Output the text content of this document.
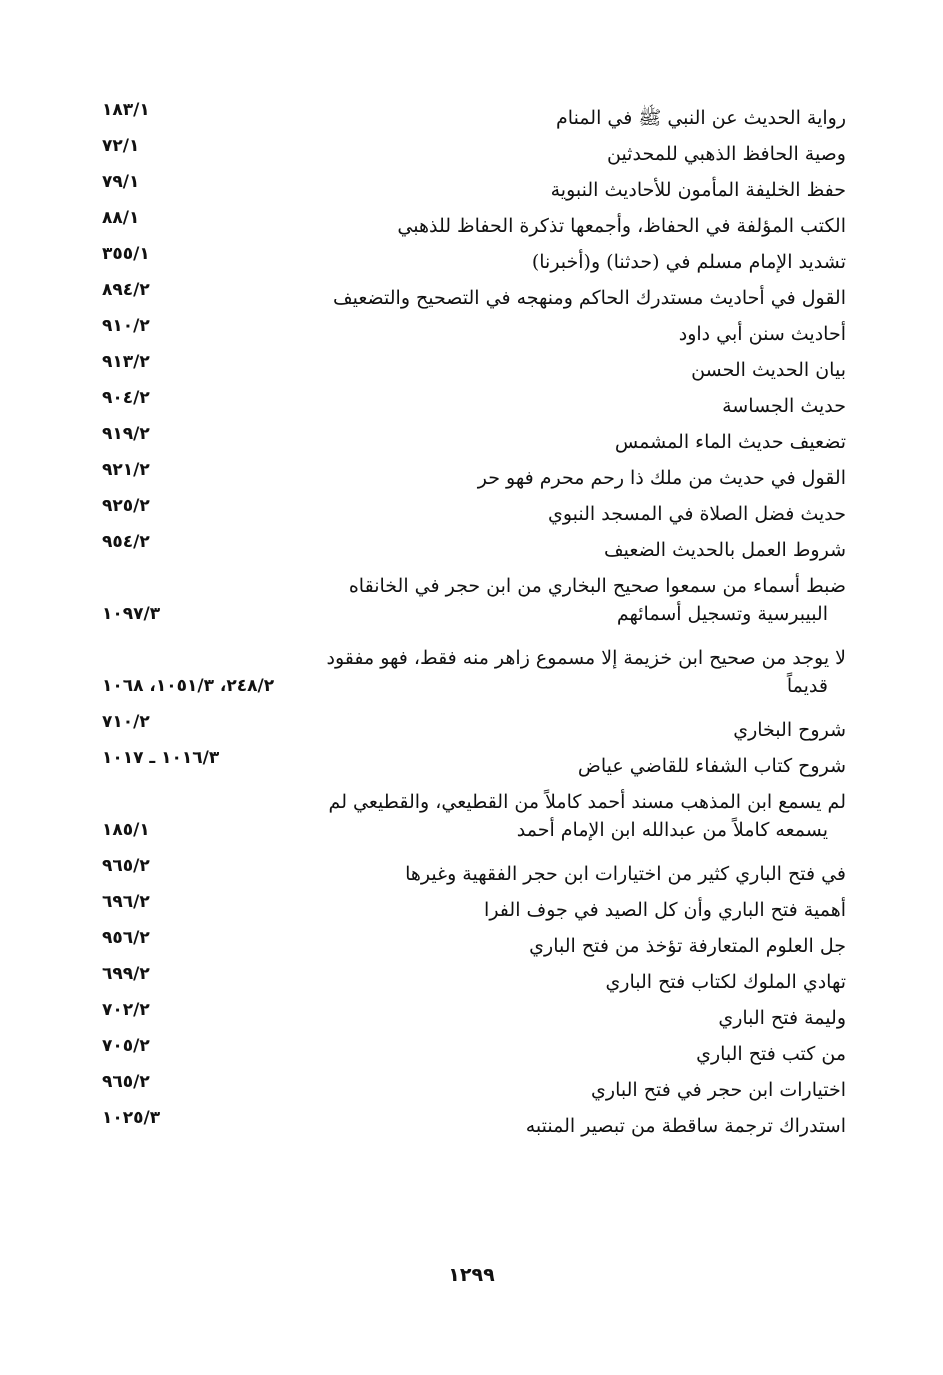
رواية الحديث عن النبي ﷺ في المنام
١٨٣/١
وصية الحافظ الذهبي للمحدثين
٧٢/١
حفظ الخليفة المأمون للأحاديث النبوية
٧٩/١
الكتب المؤلفة في الحفاظ، وأجمعها تذكرة الحفاظ للذهبي
٨٨/١
تشديد الإمام مسلم في (حدثنا) و(أخبرنا)
٣٥٥/١
القول في أحاديث مستدرك الحاكم ومنهجه في التصحيح والتضعيف
٨٩٤/٢
أحاديث سنن أبي داود
٩١٠/٢
بيان الحديث الحسن
٩١٣/٢
حديث الجساسة
٩٠٤/٢
تضعيف حديث الماء المشمس
٩١٩/٢
القول في حديث من ملك ذا رحم محرم فهو حر
٩٢١/٢
حديث فضل الصلاة في المسجد النبوي
٩٢٥/٢
شروط العمل بالحديث الضعيف
٩٥٤/٢
ضبط أسماء من سمعوا صحيح البخاري من ابن حجر في الخانقاه
البيبرسية وتسجيل أسمائهم
١٠٩٧/٣
لا يوجد من صحيح ابن خزيمة إلا مسموع زاهر منه فقط، فهو مفقود
قديماً
٢٤٨/٢، ١٠٥١/٣، ١٠٦٨
شروح البخاري
٧١٠/٢
شروح كتاب الشفاء للقاضي عياض
١٠١٦/٣ ـ ١٠١٧
لم يسمع ابن المذهب مسند أحمد كاملاً من القطيعي، والقطيعي لم
يسمعه كاملاً من عبدالله ابن الإمام أحمد
١٨٥/١
في فتح الباري كثير من اختيارات ابن حجر الفقهية وغيرها
٩٦٥/٢
أهمية فتح الباري وأن كل الصيد في جوف الفرا
٦٩٦/٢
جل العلوم المتعارفة تؤخذ من فتح الباري
٩٥٦/٢
تهادي الملوك لكتاب فتح الباري
٦٩٩/٢
وليمة فتح الباري
٧٠٢/٢
من كتب فتح الباري
٧٠٥/٢
اختيارات ابن حجر في فتح الباري
٩٦٥/٢
استدراك ترجمة ساقطة من تبصير المنتبه
١٠٢٥/٣
١٢٩٩
